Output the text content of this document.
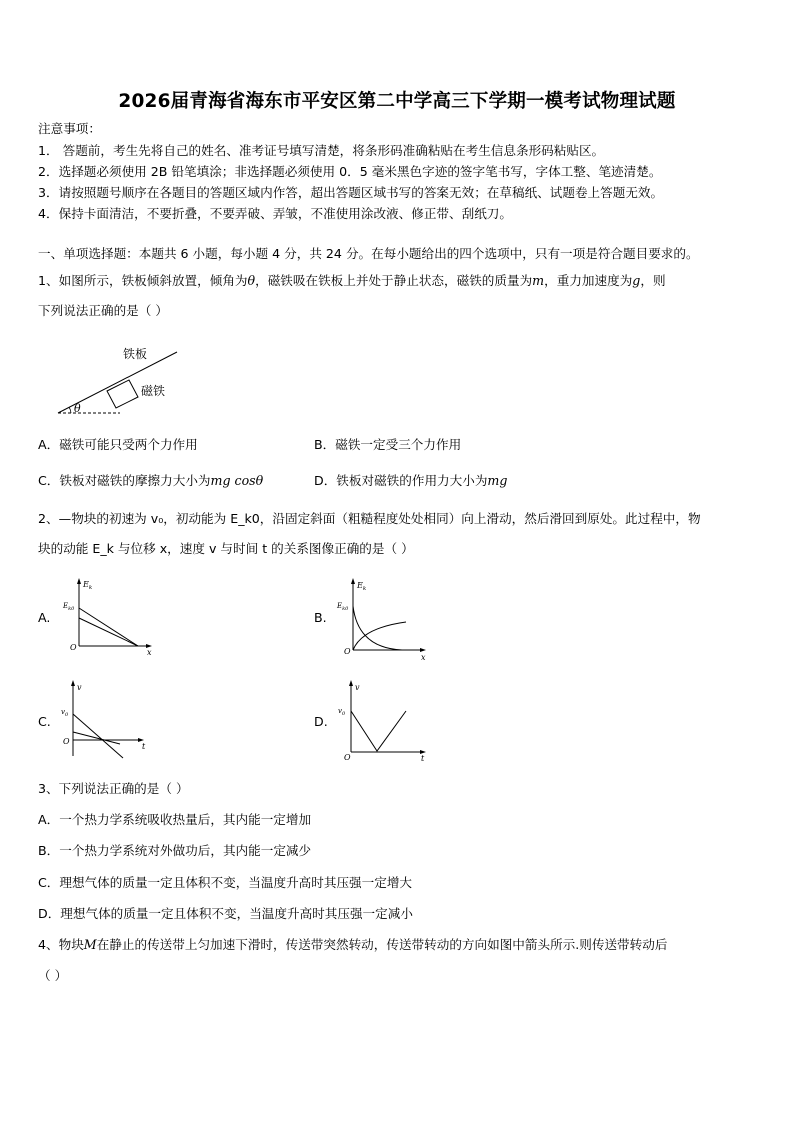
2026届青海省海东市平安区第二中学高三下学期一模考试物理试题
注意事项：
1． 答题前，考生先将自己的姓名、准考证号填写清楚，将条形码准确粘贴在考生信息条形码粘贴区。
2．选择题必须使用 2B 铅笔填涂；非选择题必须使用 0．5 毫米黑色字迹的签字笔书写，字体工整、笔迹清楚。
3．请按照题号顺序在各题目的答题区域内作答，超出答题区域书写的答案无效；在草稿纸、试题卷上答题无效。
4．保持卡面清洁，不要折叠，不要弄破、弄皱，不准使用涂改液、修正带、刮纸刀。
一、单项选择题：本题共 6 小题，每小题 4 分，共 24 分。在每小题给出的四个选项中，只有一项是符合题目要求的。
1、如图所示，铁板倾斜放置，倾角为θ，磁铁吸在铁板上并处于静止状态，磁铁的质量为m，重力加速度为g，则
下列说法正确的是（ ）
θ
铁板
磁铁
A．磁铁可能只受两个力作用	B．磁铁一定受三个力作用
C．铁板对磁铁的摩擦力大小为mg cosθ	D．铁板对磁铁的作用力大小为mg
2、—物块的初速为 v₀，初动能为 E_k0，沿固定斜面（粗糙程度处处相同）向上滑动，然后滑回到原处。此过程中，物
块的动能 E_k 与位移 x，速度 v 与时间 t 的关系图像正确的是（ ）
A.	B.
C.	D.
$E_k$
$E_{k0}$
O
x
$E_k$
$E_{k0}$
O
x
v
$v_0$
O
t
v
$v_0$
O	t
3、下列说法正确的是（ ）
A．一个热力学系统吸收热量后，其内能一定增加
B．一个热力学系统对外做功后，其内能一定减少
C．理想气体的质量一定且体积不变，当温度升高时其压强一定增大
D．理想气体的质量一定且体积不变，当温度升高时其压强一定减小
4、物块M在静止的传送带上匀加速下滑时，传送带突然转动，传送带转动的方向如图中箭头所示.则传送带转动后
（ ）
